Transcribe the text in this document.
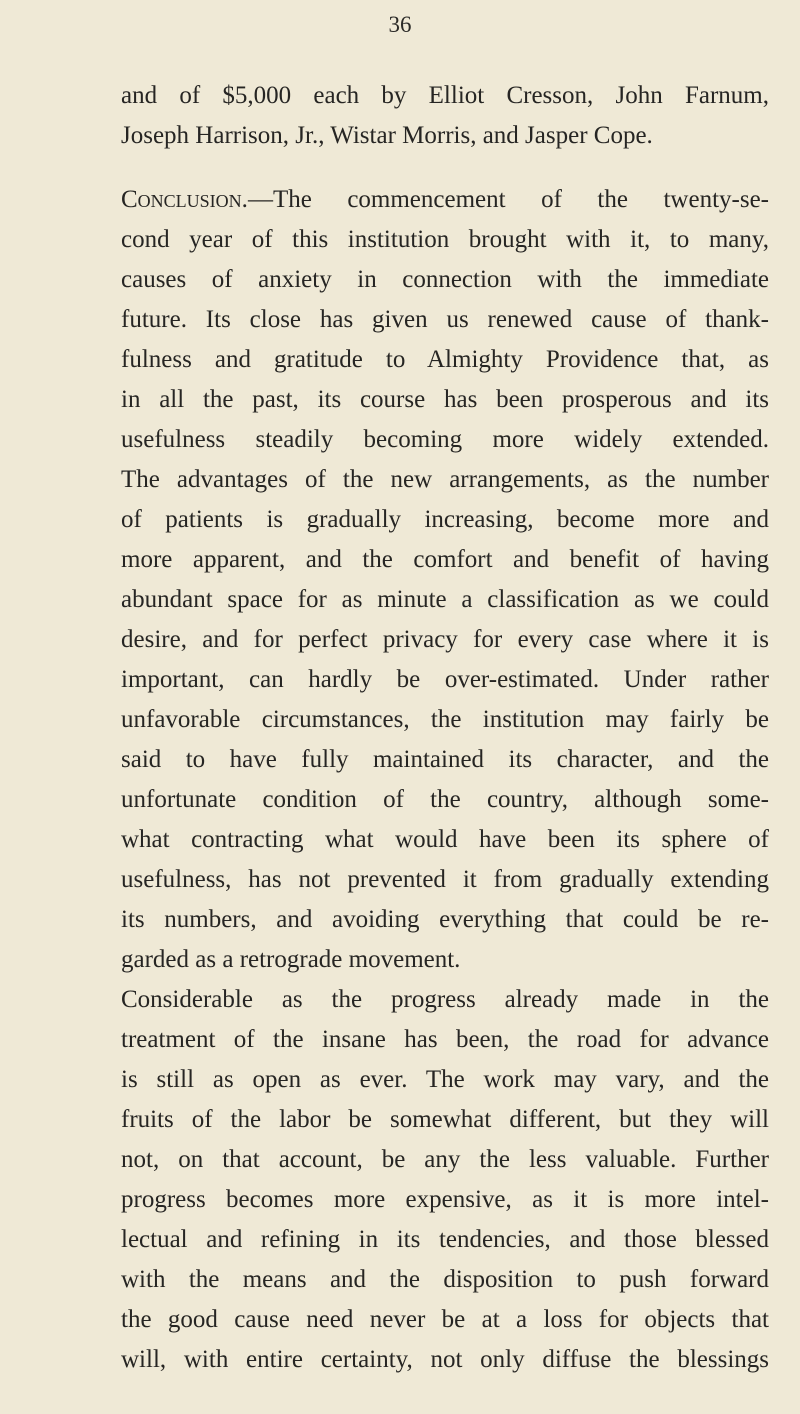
36
and of $5,000 each by Elliot Cresson, John Farnum,
Joseph Harrison, Jr., Wistar Morris, and Jasper Cope.
Conclusion.—The commencement of the twenty-se-
cond year of this institution brought with it, to many,
causes of anxiety in connection with the immediate
future. Its close has given us renewed cause of thank-
fulness and gratitude to Almighty Providence that, as
in all the past, its course has been prosperous and its
usefulness steadily becoming more widely extended.
The advantages of the new arrangements, as the number
of patients is gradually increasing, become more and
more apparent, and the comfort and benefit of having
abundant space for as minute a classification as we could
desire, and for perfect privacy for every case where it is
important, can hardly be over-estimated. Under rather
unfavorable circumstances, the institution may fairly be
said to have fully maintained its character, and the
unfortunate condition of the country, although some-
what contracting what would have been its sphere of
usefulness, has not prevented it from gradually extending
its numbers, and avoiding everything that could be re-
garded as a retrograde movement.
Considerable as the progress already made in the
treatment of the insane has been, the road for advance
is still as open as ever. The work may vary, and the
fruits of the labor be somewhat different, but they will
not, on that account, be any the less valuable. Further
progress becomes more expensive, as it is more intel-
lectual and refining in its tendencies, and those blessed
with the means and the disposition to push forward
the good cause need never be at a loss for objects that
will, with entire certainty, not only diffuse the blessings
